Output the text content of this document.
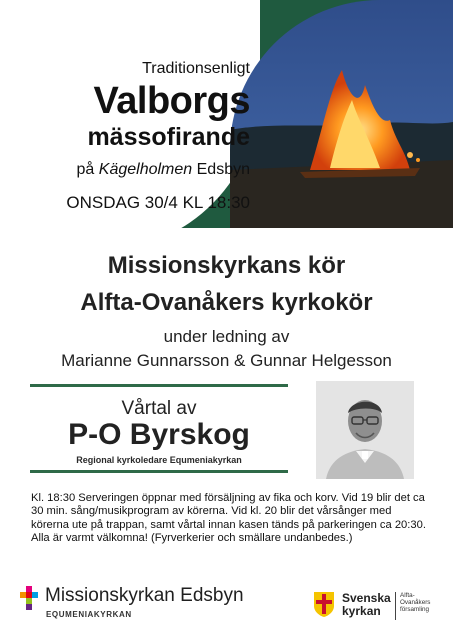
Traditionsenligt
Valborgs
mässofirande
på Kägelholmen Edsbyn
ONSDAG 30/4 KL 18:30
Missionskyrkans kör
Alfta-Ovanåkers kyrkokör
under ledning av
Marianne Gunnarsson & Gunnar Helgesson
Vårtal av
P-O Byrskog
Regional kyrkoledare Equmeniakyrkan
Kl. 18:30 Serveringen öppnar med försäljning av fika och korv. Vid 19 blir det ca 30 min. sång/musikprogram av körerna. Vid kl. 20 blir det vårsånger med körerna ute på trappan, samt vårtal innan kasen tänds på parkeringen ca 20:30. Alla är varmt välkomna! (Fyrverkerier och smällare undanbedes.)
Missionskyrkan Edsbyn
EQUMENIAKYRKAN
Svenska
kyrkan
Alfta-
Ovanåkers
församling
